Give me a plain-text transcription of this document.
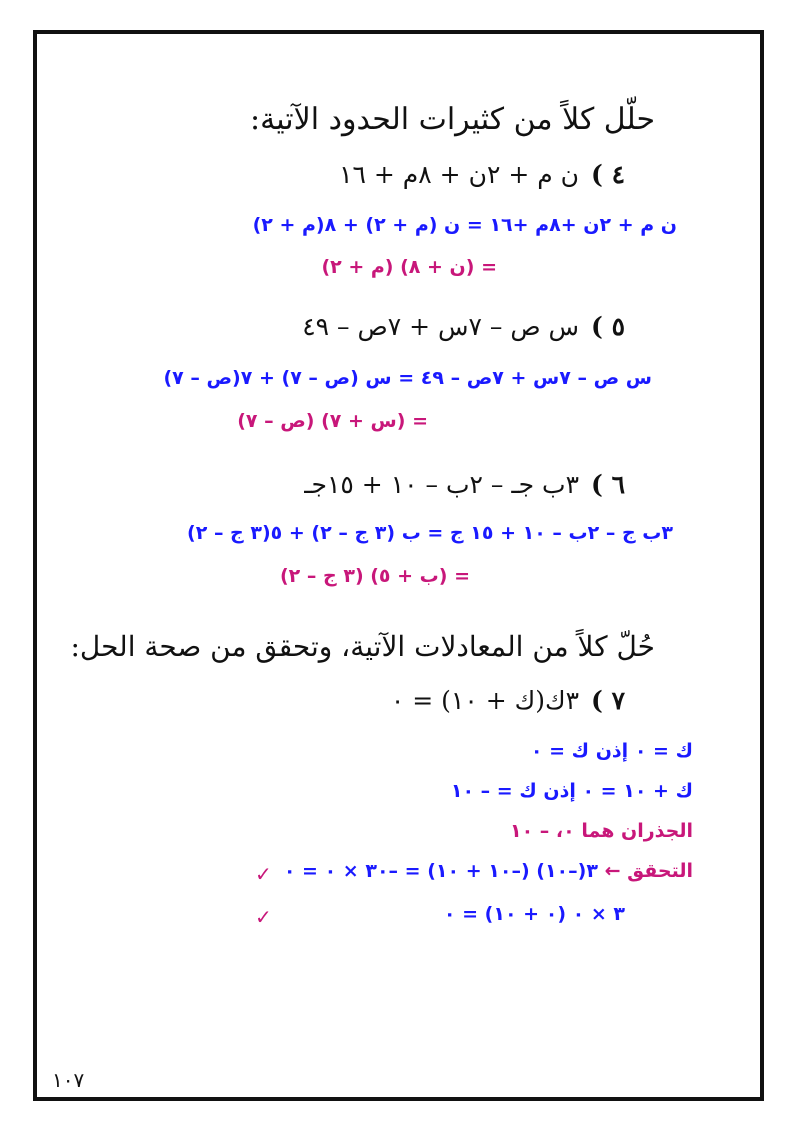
حلّل كلاً من كثيرات الحدود الآتية:
٤ )ن م + ٢ن + ٨م + ١٦
ن م + ٢ن +٨م +١٦ = ن (م + ٢) + ٨(م + ٢)
= (ن + ٨) (م + ٢)
٥ )س ص – ٧س + ٧ص – ٤٩
س ص – ٧س + ٧ص – ٤٩ = س (ص – ٧) + ٧(ص – ٧)
= (س + ٧) (ص – ٧)
٦ )٣ب جـ – ٢ب – ١٠ + ١٥جـ
٣ب ج – ٢ب – ١٠ + ١٥ ج = ب (٣ ج – ٢) + ٥(٣ ج – ٢)
= (ب + ٥) (٣ ج – ٢)
حُلّ كلاً من المعادلات الآتية، وتحقق من صحة الحل:
٧ )٣ك(ك + ١٠) = ٠
ك = ٠ إذن ك = ٠
ك + ١٠ = ٠ إذن ك = – ١٠
الجذران هما ٠، – ١٠
التحقق ← ٣(–١٠) (–١٠ + ١٠) = –٣٠ × ٠ = ٠
✓
٣ × ٠ (٠ + ١٠) = ٠
✓
١٠٧
